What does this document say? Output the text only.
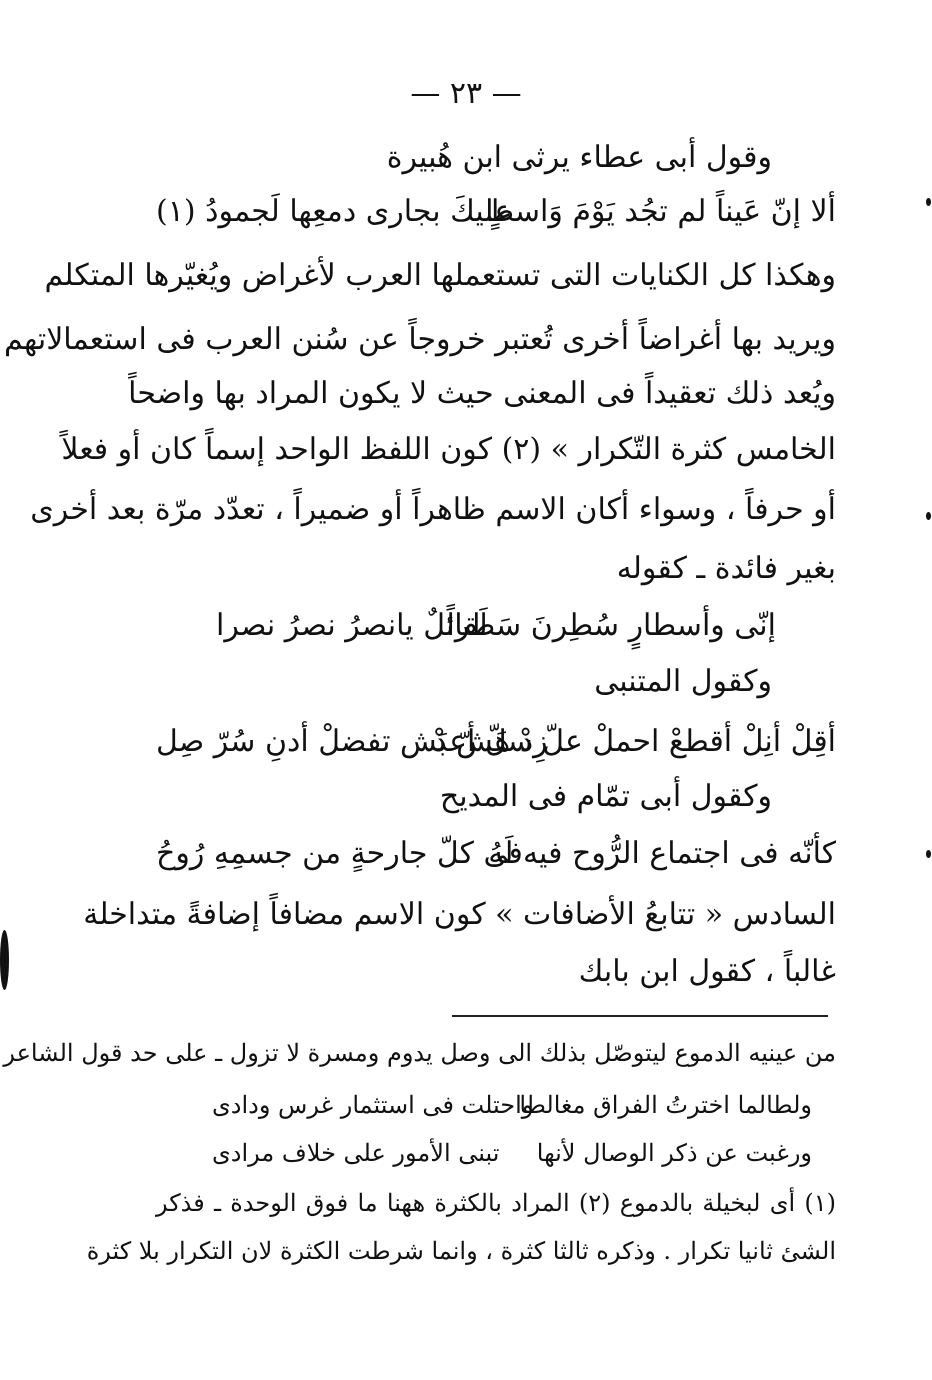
— ٢٣ —
وقول أبى عطاء يرثى ابن هُبيرة
ألا إنّ عَيناً لم تجُد يَوْمَ وَاسطٍ
عليكَ بجارى دمعِها لَجمودُ (١)
وهكذا كل الكنايات التى تستعملها العرب لأغراض ويُغيّرها المتكلم
ويريد بها أغراضاً أخرى تُعتبر خروجاً عن سُنن العرب فى استعمالاتهم
ويُعد ذلك تعقيداً فى المعنى حيث لا يكون المراد بها واضحاً
الخامس كثرة التّكرار » (٢) كون اللفظ الواحد إسماً كان أو فعلاً
أو حرفاً ، وسواء أكان الاسم ظاهراً أو ضميراً ، تعدّد مرّة بعد أخرى
بغير فائدة ـ كقوله
إنّى وأسطارٍ سُطِرنَ سَطراً
لَقائلٌ يانصرُ نصرُ نصرا
وكقول المتنبى
أقِلْ أنِلْ أقطعْ احملْ علّ سلّ أعدْ
زِدْ هَشّ بَش تفضلْ أدنِ سُرّ صِل
وكقول أبى تمّام فى المديح
كأنّه فى اجتماع الرُّوح فيه لَهُ
فى كلّ جارحةٍ من جسمِهِ رُوحُ
السادس « تتابعُ الأضافات » كون الاسم مضافاً إضافةً متداخلة
غالباً ، كقول ابن بابك
من عينيه الدموع ليتوصّل بذلك الى وصل يدوم ومسرة لا تزول ـ على حد قول الشاعر
ولطالما اخترتُ الفراق مغالطا
واحتلت فى استثمار غرس ودادى
ورغبت عن ذكر الوصال لأنها
تبنى الأمور على خلاف مرادى
(١) أى لبخيلة بالدموع (٢) المراد بالكثرة ههنا ما فوق الوحدة ـ فذكر
الشئ ثانيا تكرار . وذكره ثالثا كثرة ، وانما شرطت الكثرة لان التكرار بلا كثرة
